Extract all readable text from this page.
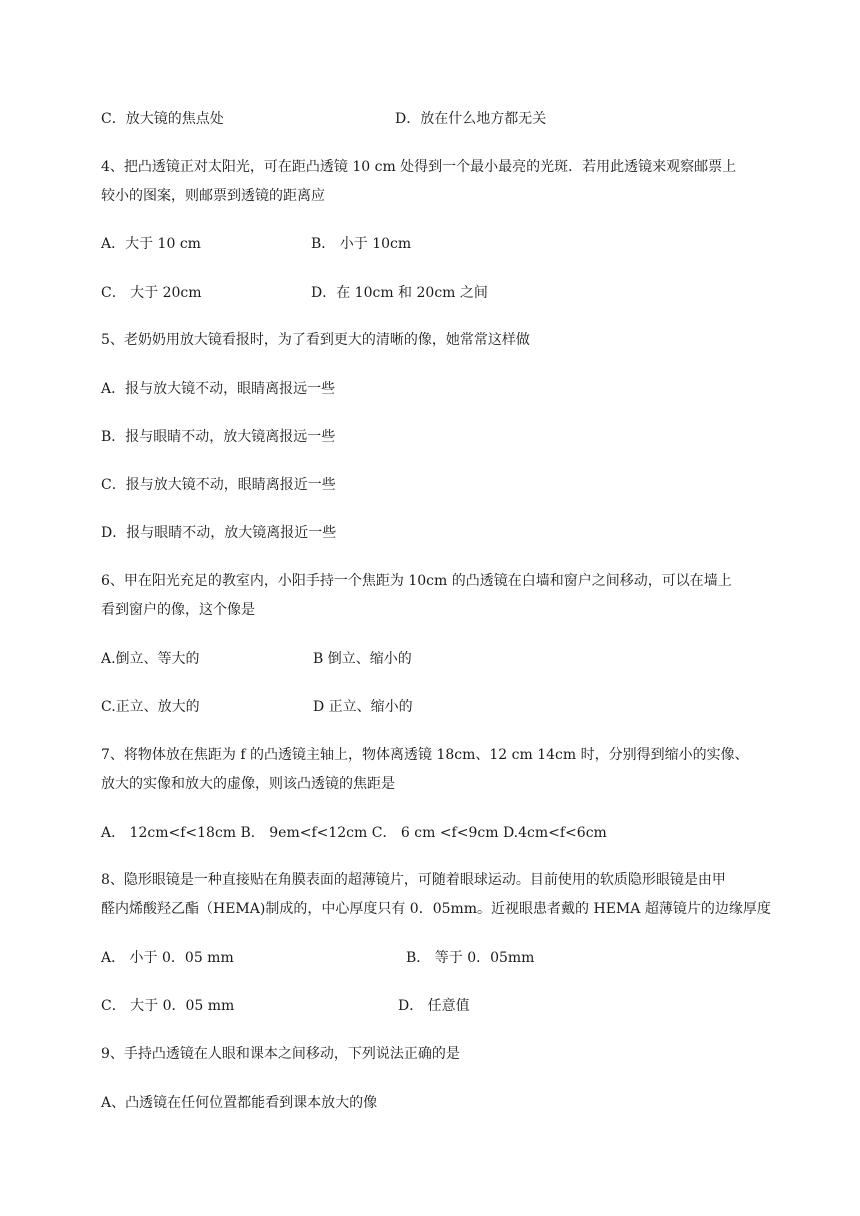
C．放大镜的焦点处	D．放在什么地方都无关
4、把凸透镜正对太阳光，可在距凸透镜 10 cm 处得到一个最小最亮的光斑．若用此透镜来观察邮票上
较小的图案，则邮票到透镜的距离应
A．大于 10 cm	B． 小于 10cm
C． 大于 20cm	D．在 10cm 和 20cm 之间
5、老奶奶用放大镜看报时，为了看到更大的清晰的像，她常常这样做
A．报与放大镜不动，眼睛离报远一些
B．报与眼睛不动，放大镜离报远一些
C．报与放大镜不动，眼睛离报近一些
D．报与眼睛不动，放大镜离报近一些
6、甲在阳光充足的教室内，小阳手持一个焦距为 10cm 的凸透镜在白墙和窗户之间移动，可以在墙上
看到窗户的像，这个像是
A.倒立、等大的	B 倒立、缩小的
C.正立、放大的	D 正立、缩小的
7、将物体放在焦距为 f 的凸透镜主轴上，物体离透镜 18cm、12 cm 14cm 时，分别得到缩小的实像、
放大的实像和放大的虚像，则该凸透镜的焦距是
A． 12cm<f<18cm B． 9em<f<12cm C． 6 cm <f<9cm D.4cm<f<6cm
8、隐形眼镜是一种直接贴在角膜表面的超薄镜片，可随着眼球运动。目前使用的软质隐形眼镜是由甲
醛内烯酸羟乙酯（HEMA)制成的，中心厚度只有 0．05mm。近视眼患者戴的 HEMA 超薄镜片的边缘厚度
A． 小于 0．05 mm	B． 等于 0．05mm
C． 大于 0．05 mm	D． 任意值
9、手持凸透镜在人眼和课本之间移动，下列说法正确的是
A、凸透镜在任何位置都能看到课本放大的像
